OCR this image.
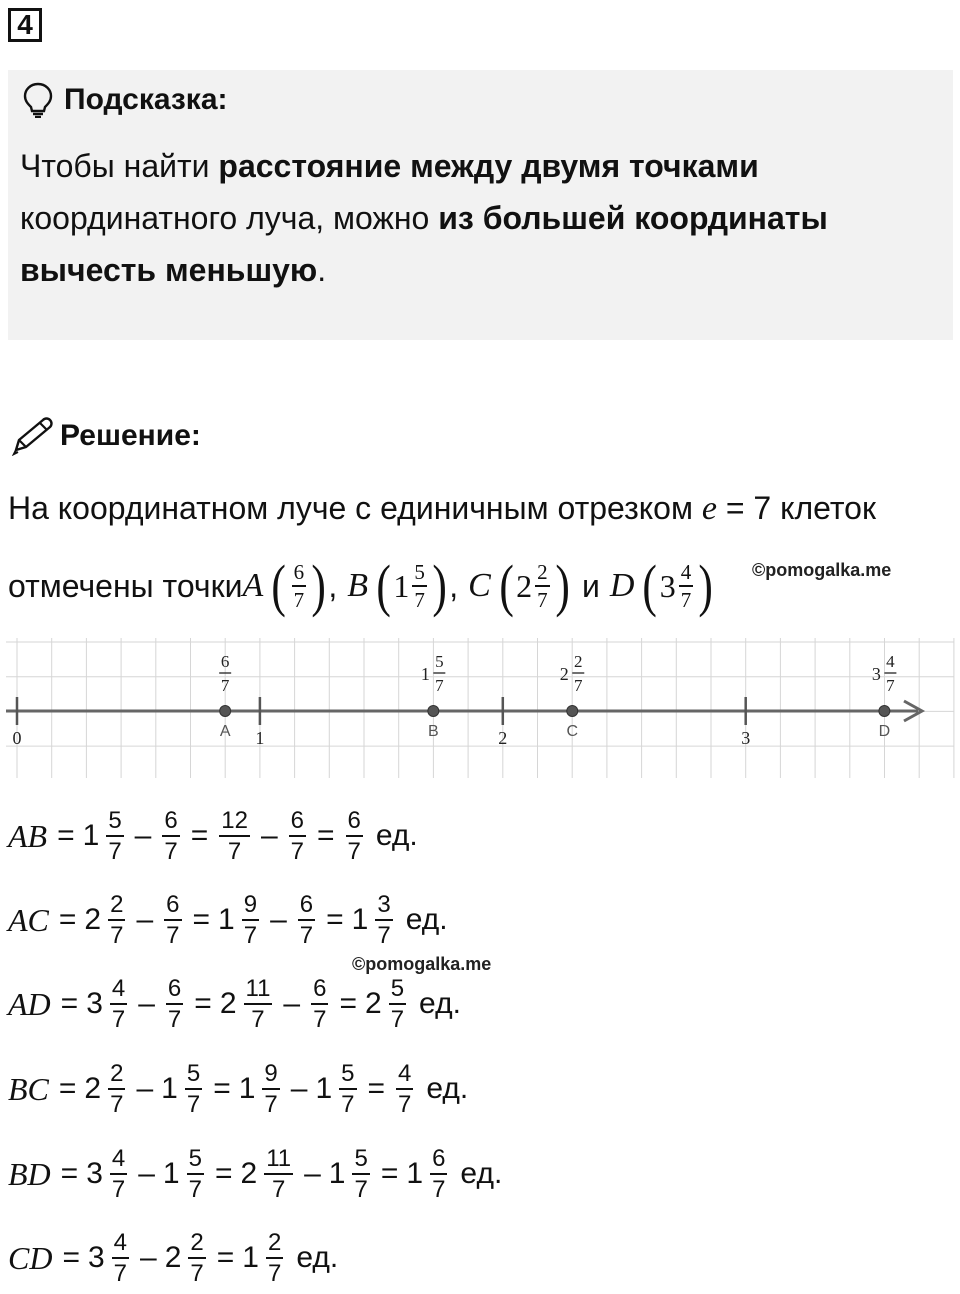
4
Подсказка:
Чтобы найти расстояние между двумя точками
координатного луча, можно из большей координаты
вычесть меньшую.
Решение:
На координатном луче с единичным отрезком e = 7 клеток
отмечены точки A ( $\frac{6}{7}$ ) , B ( $1 \frac{5}{7}$ ) , C ( $2 \frac{2}{7}$ ) и D ( $3 \frac{4}{7}$ ) ©pomogalka.me
0	1	2	3
A
6
7
B
1
5
7
C
2
2
7
D
3
4
7
©pomogalka.me
AB = $1 \frac{5}{7} - \frac{6}{7} = \frac{12}{7} - \frac{6}{7} = \frac{6}{7}$ ед.
AC = $2 \frac{2}{7} - \frac{6}{7} = 1 \frac{9}{7} - \frac{6}{7} = 1 \frac{3}{7}$ ед.
AD = $3 \frac{4}{7} - \frac{6}{7} = 2 \frac{11}{7} - \frac{6}{7} = 2 \frac{5}{7}$ ед.
BC = $2 \frac{2}{7} - 1 \frac{5}{7} = 1 \frac{9}{7} - 1 \frac{5}{7} = \frac{4}{7}$ ед.
BD = $3 \frac{4}{7} - 1 \frac{5}{7} = 2 \frac{11}{7} - 1 \frac{5}{7} = 1 \frac{6}{7}$ ед.
CD = $3 \frac{4}{7} - 2 \frac{2}{7} = 1 \frac{2}{7}$ ед.
